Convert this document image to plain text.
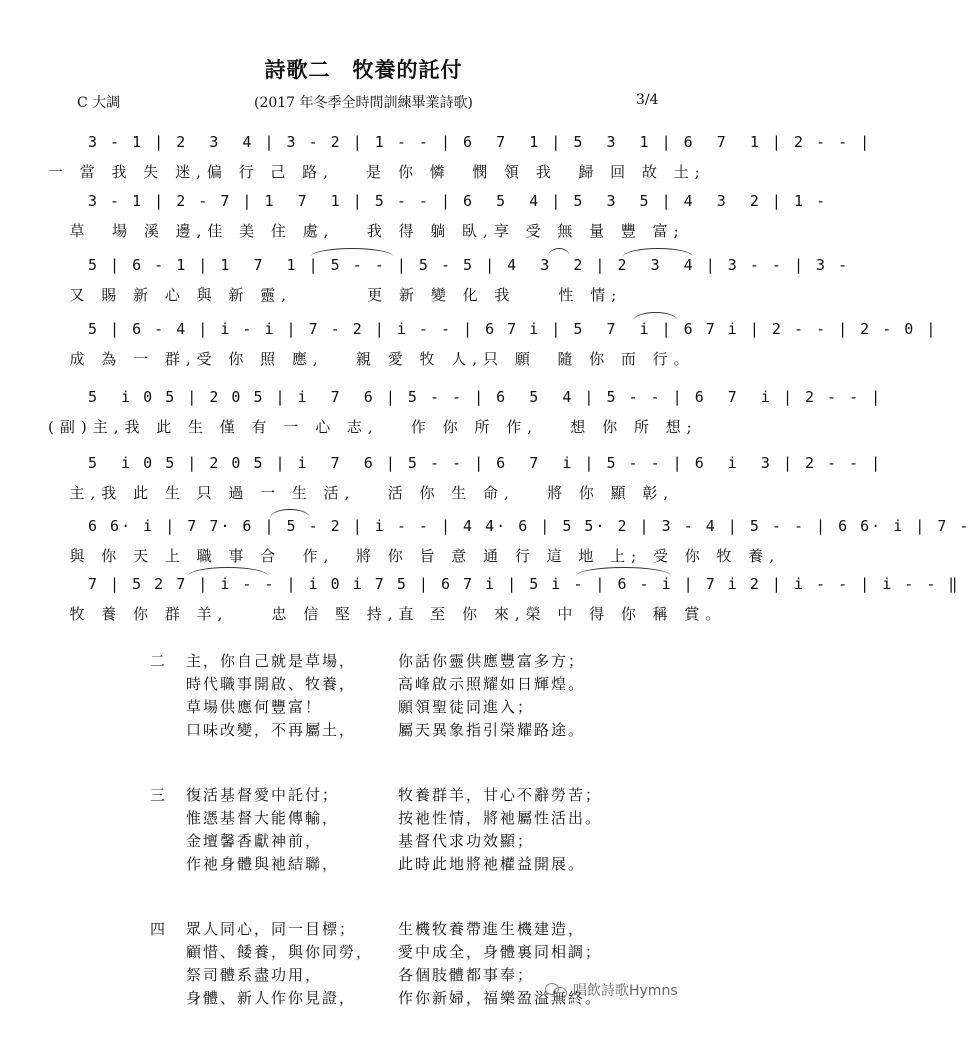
詩歌二 牧養的託付
C 大調	(2017 年冬季全時間訓練畢業詩歌)	3/4
3 - 1 | 2  3  4 | 3 - 2 | 1 - - | 6  7  1 | 5  3  1 | 6  7  1 | 2 - - |
一 當 我 失 迷,偏 行 己 路,   是 你 憐  憫 領 我  歸 回 故 土;
3 - 1 | 2 - 7 | 1  7  1 | 5 - - | 6  5  4 | 5  3  5 | 4  3  2 | 1 -
草  場 溪 邊,佳 美 住 處,   我 得 躺 臥,享 受 無 量 豐 富;
5 | 6 - 1 | 1  7  1 | 5 - - | 5 - 5 | 4  3  2 | 2  3  4 | 3 - - | 3 -
又 賜 新 心 與 新 靈,       更 新 變 化 我    性 情;
5 | 6 - 4 | i - i | 7 - 2 | i - - | 6 7 i | 5  7  i | 6 7 i | 2 - - | 2 - 0 |
成 為 一 群,受 你 照 應,   親 愛 牧 人,只 願  隨 你 而 行。
5  i 0 5 | 2 0 5 | i  7  6 | 5 - - | 6  5  4 | 5 - - | 6  7  i | 2 - - |
(副)主,我 此 生 僅 有 一 心 志,   作 你 所 作,   想 你 所 想;
5  i 0 5 | 2 0 5 | i  7  6 | 5 - - | 6  7  i | 5 - - | 6  i  3 | 2 - - |
主,我 此 生 只 過 一 生 活,   活 你 生 命,   將 你 顯 彰,
6 6· i | 7 7· 6 | 5 - 2 | i - - | 4 4· 6 | 5 5· 2 | 3 - 4 | 5 - - | 6 6· i | 7 -
與 你 天 上 職 事 合  作,  將 你 旨 意 通 行 這 地 上; 受 你 牧 養,
7 | 5 2 7 | i - - | i 0 i 7 5 | 6 7 i | 5 i - | 6 - i | 7 i 2 | i - - | i - - ‖
牧 養 你 群 羊,    忠 信 堅 持,直 至 你 來,榮 中 得 你 稱 賞。
二 主，你自己就是草場，	你話你靈供應豐富多方；
時代職事開啟、牧養，	高峰啟示照耀如日輝煌。
草場供應何豐富！	願領聖徒同進入；
口味改變，不再屬土，	屬天異象指引榮耀路途。
三 復活基督愛中託付；	牧養群羊，甘心不辭勞苦；
惟憑基督大能傳輸，	按祂性情，將祂屬性活出。
金壇馨香獻神前，	基督代求功效顯；
作祂身體與祂結聯，	此時此地將祂權益開展。
四 眾人同心，同一目標；	生機牧養帶進生機建造，
顧惜、餧養，與你同勞， 愛中成全，身體裏同相調；
祭司體系盡功用，	各個肢體都事奉；
身體、新人作你見證，	作你新婦，福樂盈溢無終。
唱飲詩歌Hymns
